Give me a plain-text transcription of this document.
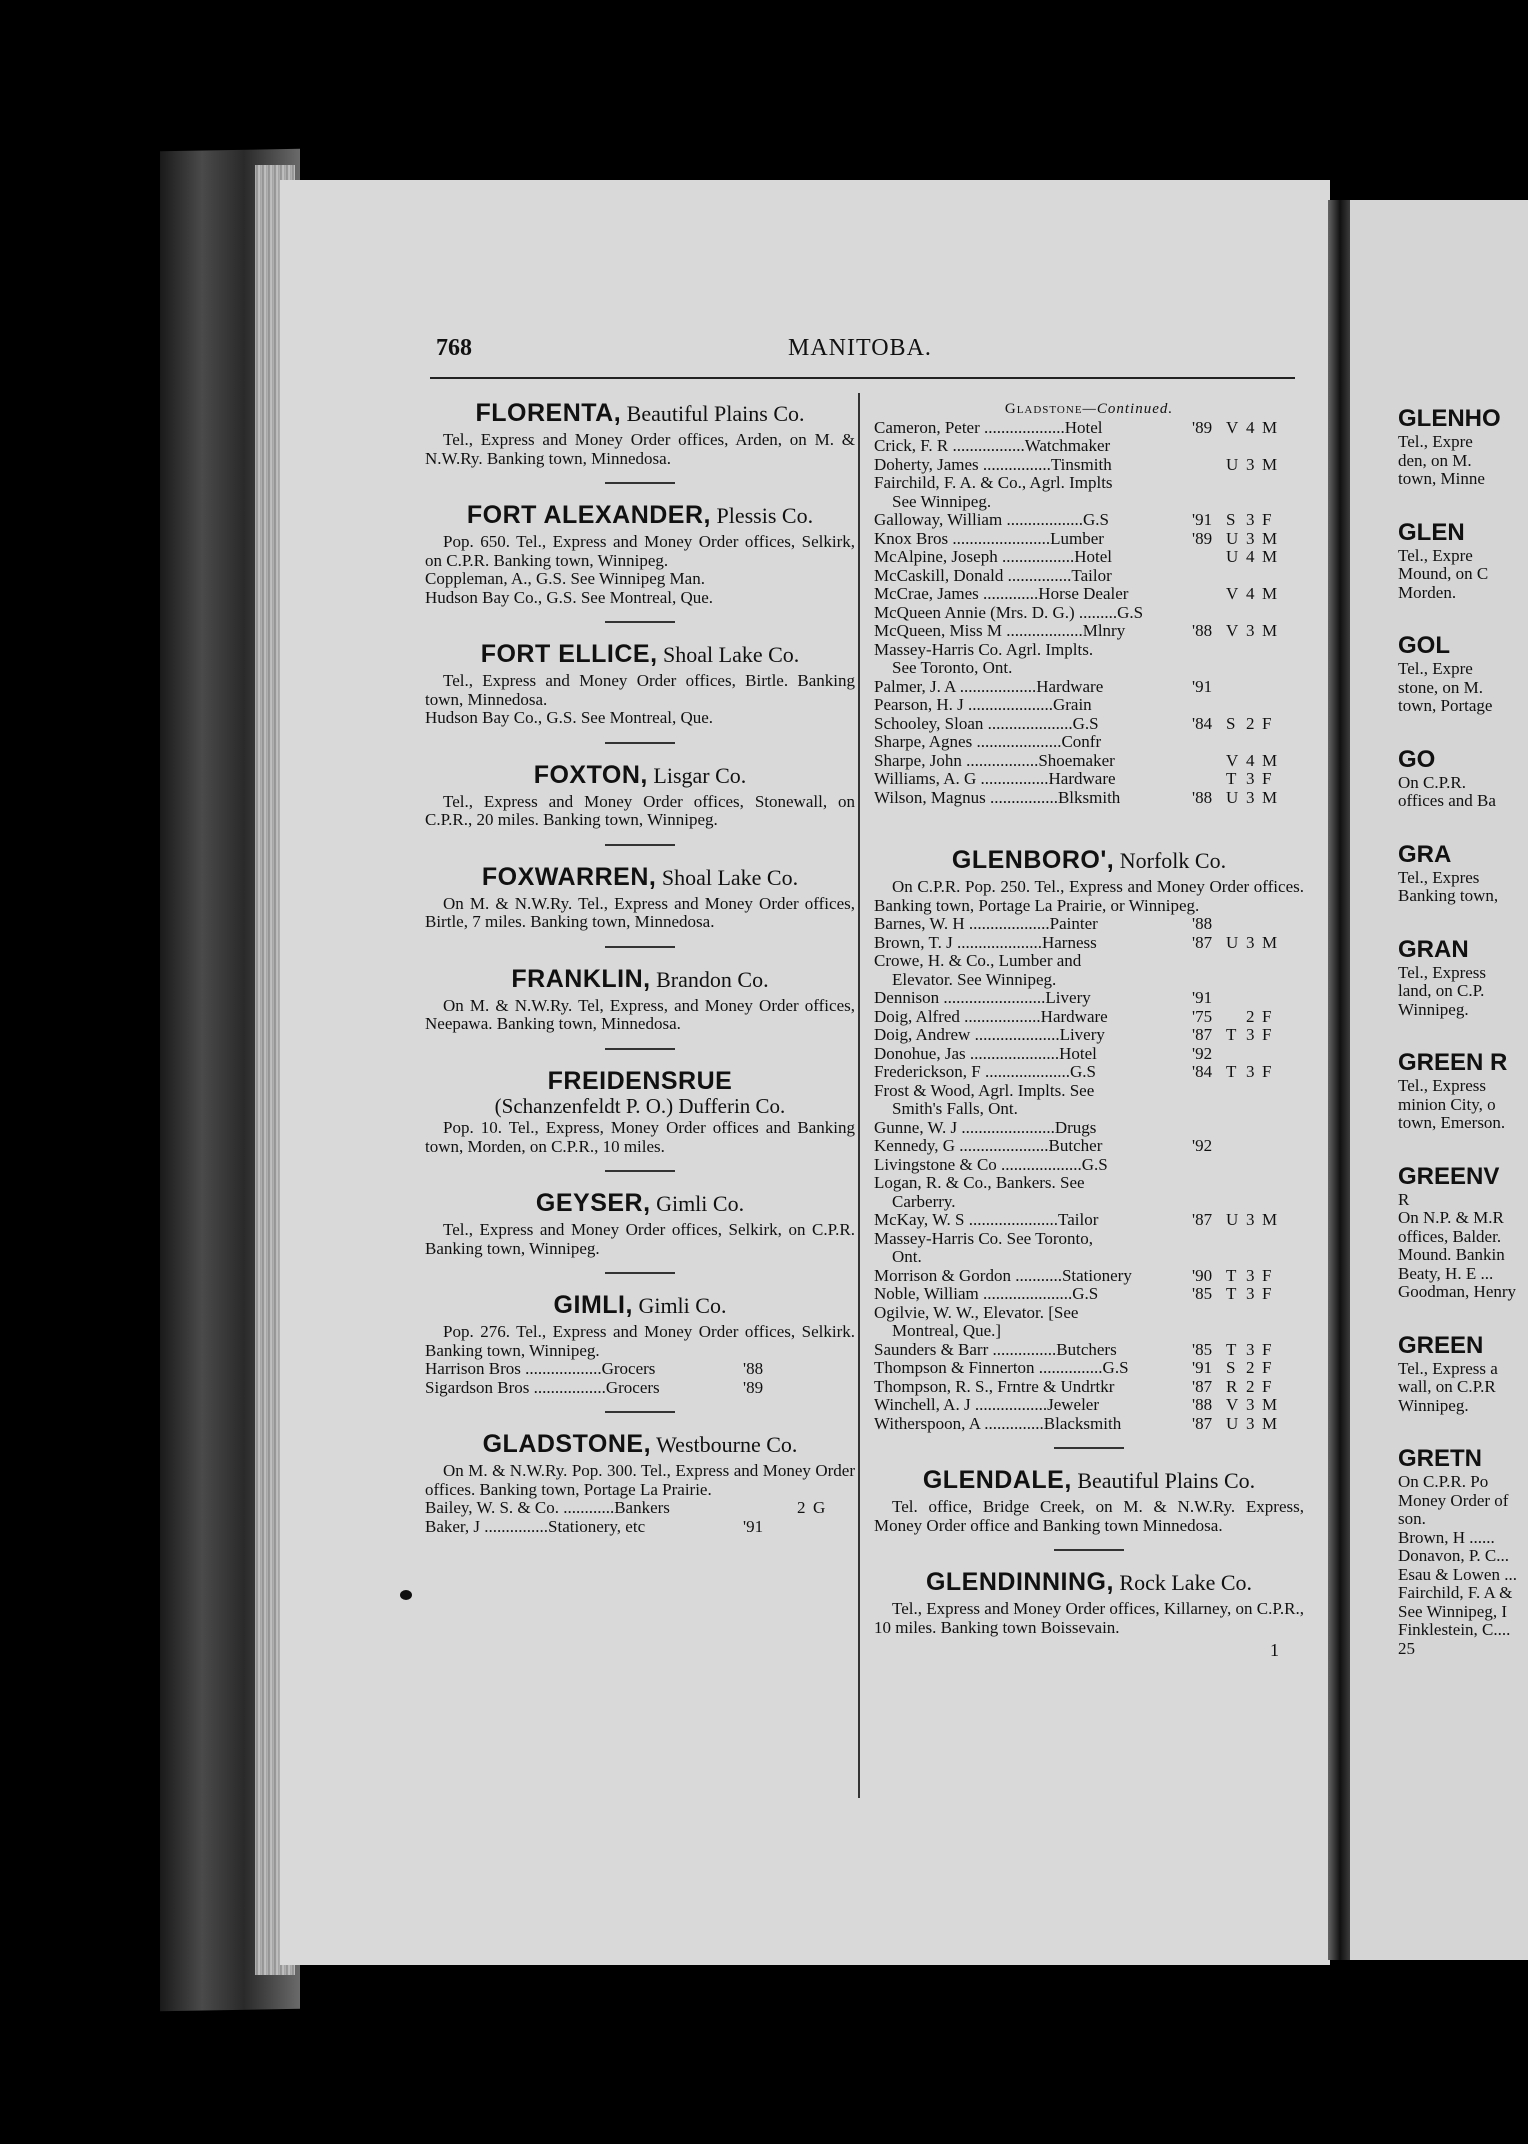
768	MANITOBA.
FLORENTA, Beautiful Plains Co.
Tel., Express and Money Order offices, Arden, on M. & N.W.Ry. Banking town, Minnedosa.
FORT ALEXANDER, Plessis Co.
Pop. 650. Tel., Express and Money Order offices, Selkirk, on C.P.R. Banking town, Winnipeg.
Coppleman, A., G.S. See Winnipeg Man.
Hudson Bay Co., G.S. See Montreal, Que.
FORT ELLICE, Shoal Lake Co.
Tel., Express and Money Order offices, Birtle. Banking town, Minnedosa.
Hudson Bay Co., G.S. See Montreal, Que.
FOXTON, Lisgar Co.
Tel., Express and Money Order offices, Stonewall, on C.P.R., 20 miles. Banking town, Winnipeg.
FOXWARREN, Shoal Lake Co.
On M. & N.W.Ry. Tel., Express and Money Order offices, Birtle, 7 miles. Banking town, Minnedosa.
FRANKLIN, Brandon Co.
On M. & N.W.Ry. Tel, Express, and Money Order offices, Neepawa. Banking town, Minnedosa.
FREIDENSRUE
(Schanzenfeldt P. O.) Dufferin Co.
Pop. 10. Tel., Express, Money Order offices and Banking town, Morden, on C.P.R., 10 miles.
GEYSER, Gimli Co.
Tel., Express and Money Order offices, Selkirk, on C.P.R. Banking town, Winnipeg.
GIMLI, Gimli Co.
Pop. 276. Tel., Express and Money Order offices, Selkirk. Banking town, Winnipeg.
Harrison Bros ..................Grocers	'88
Sigardson Bros .................Grocers	'89
GLADSTONE, Westbourne Co.
On M. & N.W.Ry. Pop. 300. Tel., Express and Money Order offices. Banking town, Portage La Prairie.
Bailey, W. S. & Co. ............Bankers	2 G
Baker, J ...............Stationery, etc	'91
Gladstone—Continued.
Cameron, Peter ...................Hotel	'89 V 4 M
Crick, F. R .................Watchmaker
Doherty, James ................Tinsmith	U 3 M
Fairchild, F. A. & Co., Agrl. Implts
See Winnipeg.
Galloway, William ..................G.S	'91 S 3 F
Knox Bros .......................Lumber	'89 U 3 M
McAlpine, Joseph .................Hotel	U 4 M
McCaskill, Donald ...............Tailor
McCrae, James .............Horse Dealer	V 4 M
McQueen Annie (Mrs. D. G.) .........G.S
McQueen, Miss M ..................Mlnry	'88 V 3 M
Massey-Harris Co. Agrl. Implts.
See Toronto, Ont.
Palmer, J. A ..................Hardware	'91
Pearson, H. J ....................Grain
Schooley, Sloan ....................G.S	'84 S 2 F
Sharpe, Agnes ....................Confr
Sharpe, John .................Shoemaker	V 4 M
Williams, A. G ................Hardware	T 3 F
Wilson, Magnus ................Blksmith	'88 U 3 M
GLENBORO', Norfolk Co.
On C.P.R. Pop. 250. Tel., Express and Money Order offices. Banking town, Portage La Prairie, or Winnipeg.
Barnes, W. H ...................Painter	'88
Brown, T. J ....................Harness	'87 U 3 M
Crowe, H. & Co., Lumber and
Elevator. See Winnipeg.
Dennison ........................Livery	'91
Doig, Alfred ..................Hardware	'75 2 F
Doig, Andrew ....................Livery	'87 T 3 F
Donohue, Jas .....................Hotel	'92
Frederickson, F ....................G.S	'84 T 3 F
Frost & Wood, Agrl. Implts. See
Smith's Falls, Ont.
Gunne, W. J ......................Drugs
Kennedy, G .....................Butcher	'92
Livingstone & Co ...................G.S
Logan, R. & Co., Bankers. See
Carberry.
McKay, W. S .....................Tailor	'87 U 3 M
Massey-Harris Co. See Toronto,
Ont.
Morrison & Gordon ...........Stationery	'90 T 3 F
Noble, William .....................G.S	'85 T 3 F
Ogilvie, W. W., Elevator. [See
Montreal, Que.]
Saunders & Barr ...............Butchers	'85 T 3 F
Thompson & Finnerton ...............G.S	'91 S 2 F
Thompson, R. S., Frntre & Undrtkr	'87 R 2 F
Winchell, A. J .................Jeweler	'88 V 3 M
Witherspoon, A ..............Blacksmith	'87 U 3 M
GLENDALE, Beautiful Plains Co.
Tel. office, Bridge Creek, on M. & N.W.Ry. Express, Money Order office and Banking town Minnedosa.
GLENDINNING, Rock Lake Co.
Tel., Express and Money Order offices, Killarney, on C.P.R., 10 miles. Banking town Boissevain.
GLENHO
Tel., Expre
den, on M.
town, Minne
GLEN
Tel., Expre
Mound, on C
Morden.
GOL
Tel., Expre
stone, on M.
town, Portage
GO
On C.P.R.
offices and Ba
GRA
Tel., Expres
Banking town,
GRAN
Tel., Express
land, on C.P.
Winnipeg.
GREEN R
Tel., Express
minion City, o
town, Emerson.
GREENV
R
On N.P. & M.R
offices, Balder.
Mound. Bankin
Beaty, H. E ...
Goodman, Henry
GREEN
Tel., Express a
wall, on C.P.R
Winnipeg.
GRETN
On C.P.R. Po
Money Order of
son.
Brown, H ......
Donavon, P. C...
Esau & Lowen ...
Fairchild, F. A &
See Winnipeg, I
Finklestein, C....
25
1
